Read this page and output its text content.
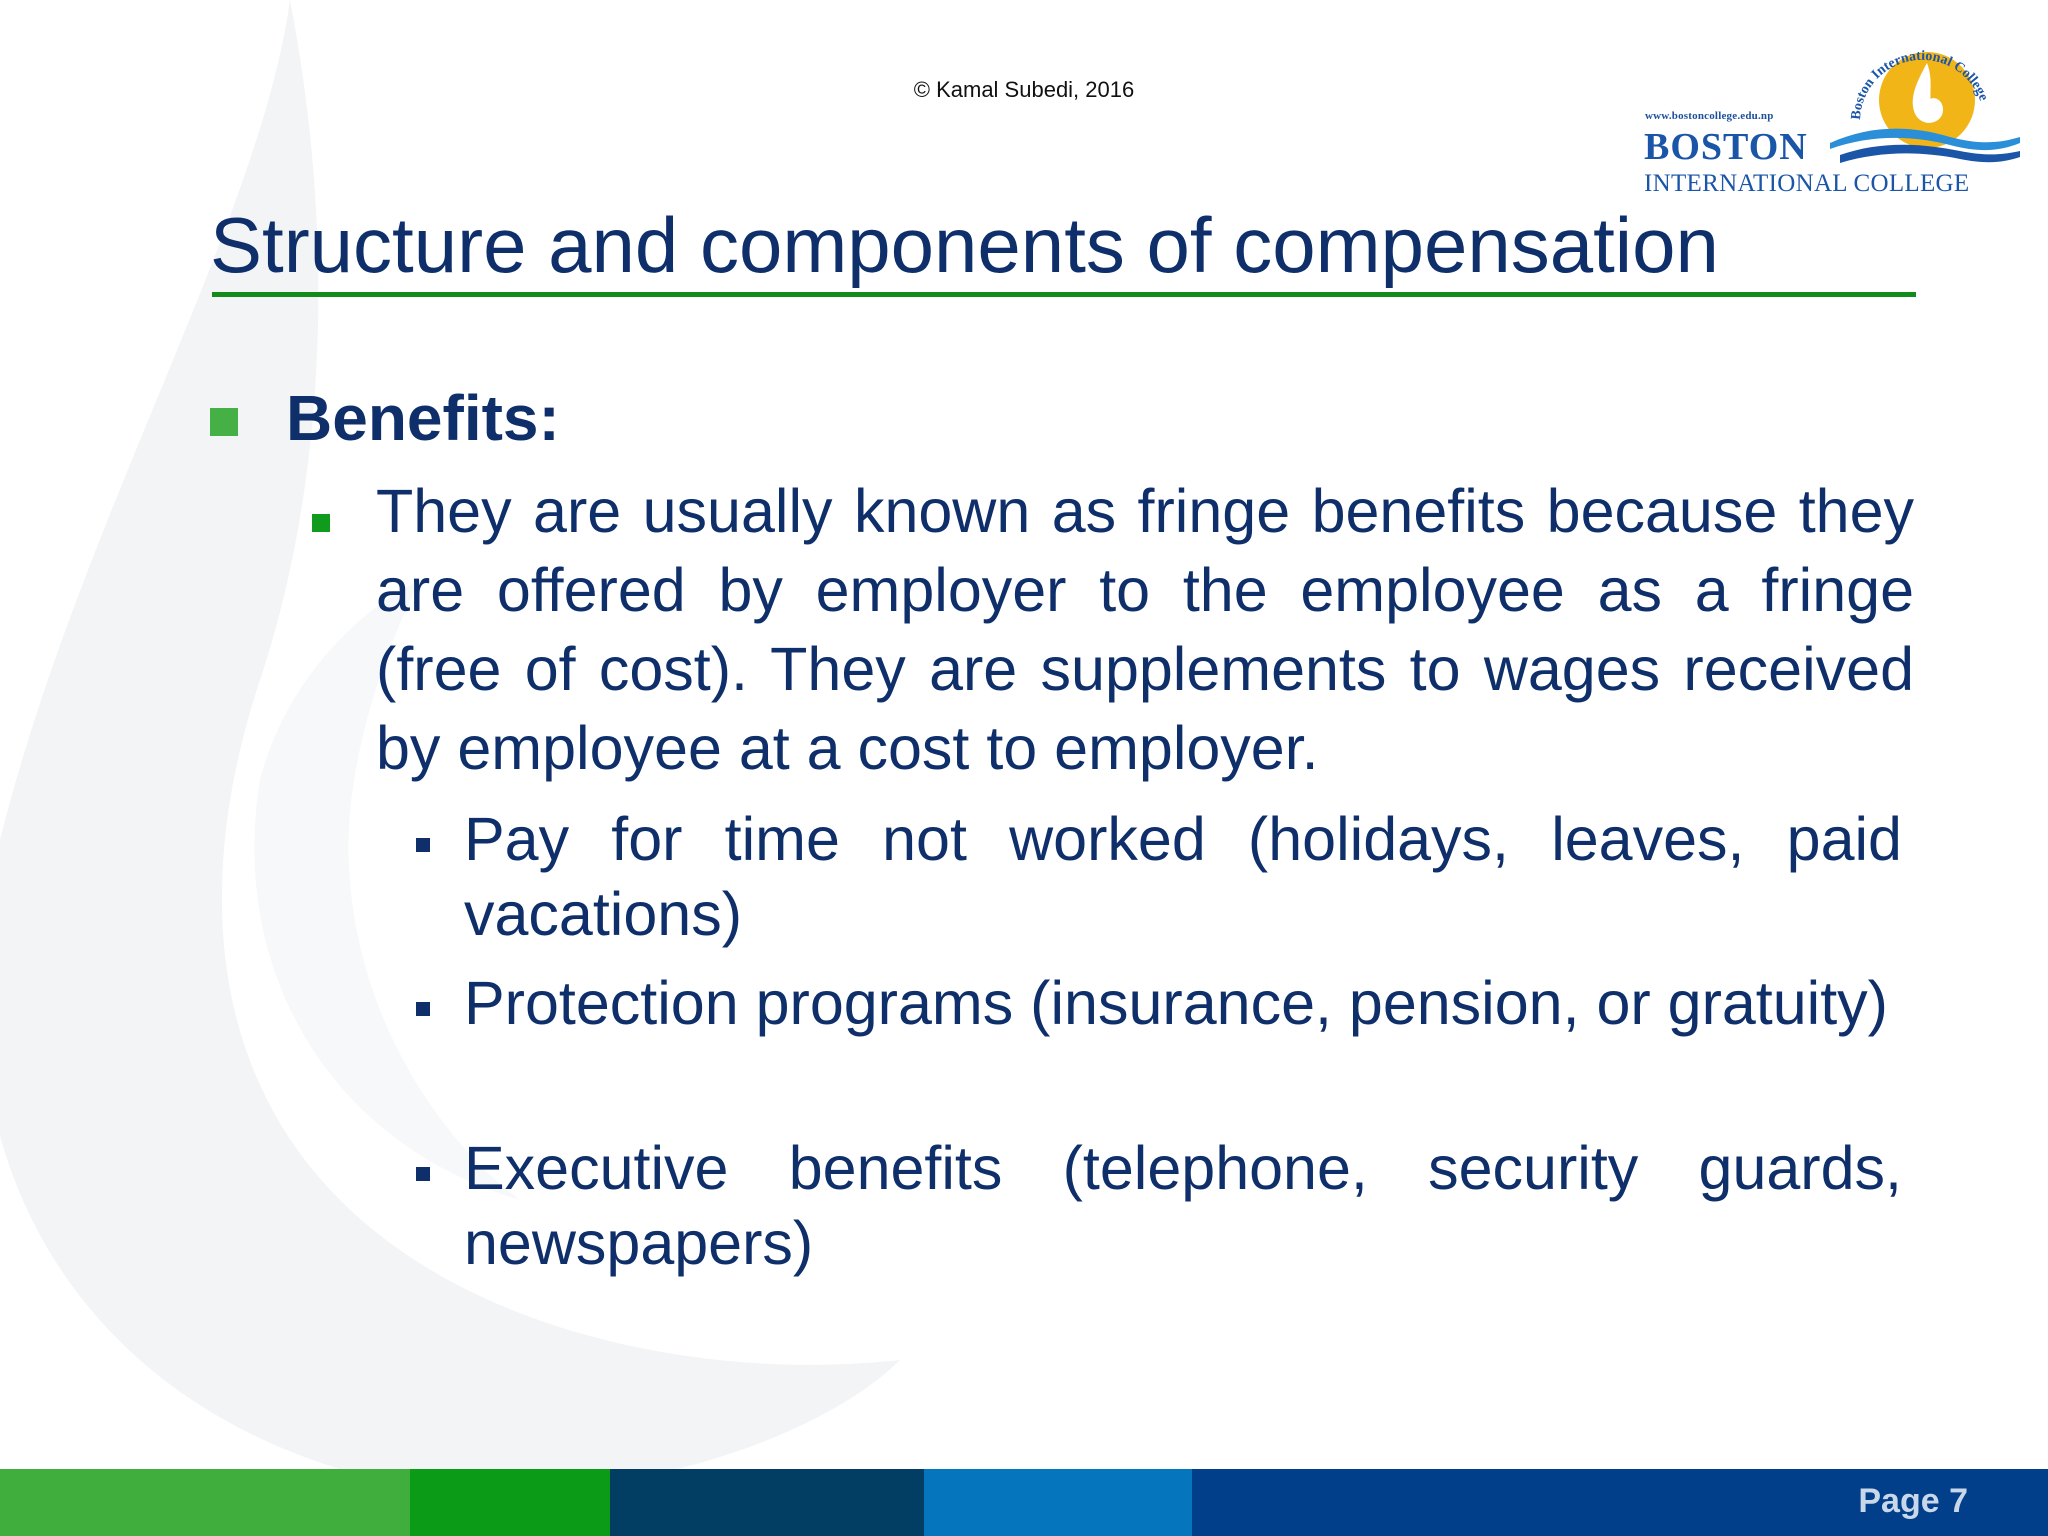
© Kamal Subedi, 2016
Boston International College
www.bostoncollege.edu.np
BOSTON
INTERNATIONAL COLLEGE
Structure and components of compensation
Benefits:
They are usually known as fringe benefits because they are offered by employer to the employee as a fringe (free of cost). They are supplements to wages received by employee at a cost to employer.
Pay for time not worked (holidays, leaves, paid vacations)
Protection programs (insurance, pension, or gratuity)
Executive benefits (telephone, security guards, newspapers)
Page 7
